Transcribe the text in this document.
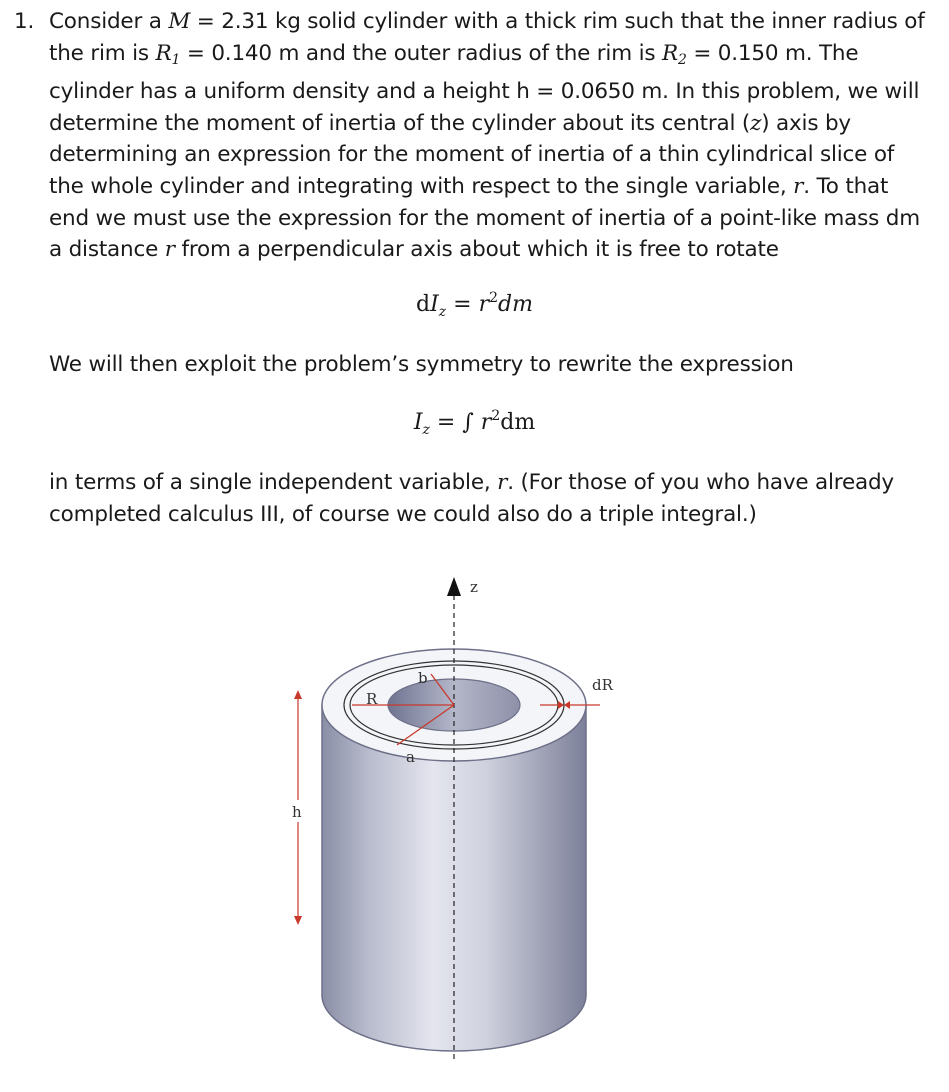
1. Consider a M = 2.31 kg solid cylinder with a thick rim such that the inner radius of the rim is $R_1 = 0.140$ m and the outer radius of the rim is $R_2 = 0.150$ m. The cylinder has a uniform density and a height h = 0.0650 m. In this problem, we will determine the moment of inertia of the cylinder about its central (z) axis by determining an expression for the moment of inertia of a thin cylindrical slice of the whole cylinder and integrating with respect to the single variable, r. To that end we must use the expression for the moment of inertia of a point-like mass dm a distance r from a perpendicular axis about which it is free to rotate
$dI_z = r^2dm$
We will then exploit the problem’s symmetry to rewrite the expression
$I_z$ = ∫ $r^2dm$
in terms of a single independent variable, r. (For those of you who have already completed calculus III, of course we could also do a triple integral.)
z
R
b
a
dR
h
